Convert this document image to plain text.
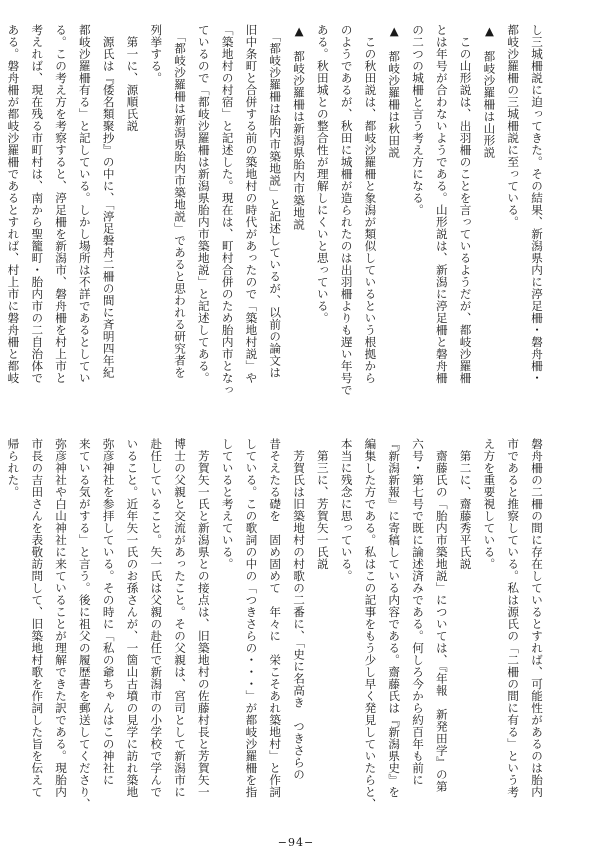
し三城柵説に迫ってきた。その結果、新潟県内に渟足柵・磐舟柵・
都岐沙羅柵の三城柵説に至っている。
▲　都岐沙羅柵は山形説
　この山形説は、出羽柵のことを言っているようだが、都岐沙羅柵
とは年号が合わないようである。山形説は、新潟に渟足柵と磐舟柵
の二つの城柵と言う考え方になる。
▲　都岐沙羅柵は秋田説
　この秋田説は、都岐沙羅柵と象潟が類似しているという根拠から
のようであるが、秋田に城柵が造られたのは出羽柵よりも遅い年号で
ある。秋田城との整合性が理解しにくいと思っている。
▲　都岐沙羅柵は新潟県胎内市築地説
　「都岐沙羅柵は胎内市築地説」と記述しているが、以前の論文は
旧中条町と合併する前の築地村の時代があったので「築地村説」や
「築地村の村宿」と記述した。現在は、町村合併のため胎内市となっ
ているので「都岐沙羅柵は新潟県胎内市築地説」と記述してある。
　「都岐沙羅柵は新潟県胎内市築地説」であると思われる研究者を
列挙する。
　第一に、源順氏説
　源氏は『倭名類聚抄』の中に、「渟足磐舟二柵の間に斉明四年紀
都岐沙羅柵有る」と記している。しかし場所は不詳であるとしてい
る。この考え方を考察すると、渟足柵を新潟市、磐舟柵を村上市と
考えれば、現在残る市町村は、南から聖籠町・胎内市の二自治体で
ある。磐舟柵が都岐沙羅柵であるとすれば、村上市に磐舟柵と都岐
磐舟柵の二柵の間に存在しているとすれば、可能性があるのは胎内
市であると推察している。私は源氏の「二柵の間に有る」という考
え方を重要視している。
　第二に、齋藤秀平氏説
　齋藤氏の「胎内市築地説」については、『年報　新発田学』の第
六号・第七号で既に論述済みである。何しろ今から約百年も前に
『新潟新報』に寄稿している内容である。齋藤氏は『新潟県史』を
編集した方である。私はこの記事をもう少し早く発見していたらと、
本当に残念に思っている。
　第三に、芳賀矢一氏説
　芳賀氏は旧築地村の村歌の二番に、「史に名高き　つきさらの
昔そえたる礎を　固め固めて　年々に　栄こそあれ築地村」と作詞
している。この歌詞の中の「つきさらの・・・」が都岐沙羅柵を指
していると考えている。
　芳賀矢一氏と新潟県との接点は、旧築地村の佐藤村長と芳賀矢一
博士の父親と交流があったこと。その父親は、宮司として新潟市に
赴任していること。矢一氏は父親の赴任で新潟市の小学校で学んで
いること。近年矢一氏のお孫さんが、一箇山古墳の見学に訪れ築地
弥彦神社を参拝している。その時に「私の爺ちゃんはこの神社に
来ている気がする」と言う。後に祖父の履歴書を郵送してくださり、
弥彦神社や白山神社に来ていることが理解できた訳である。現胎内
市長の吉田さんを表敬訪問して、旧築地村歌を作詞した旨を伝えて
帰られた。
−94−
